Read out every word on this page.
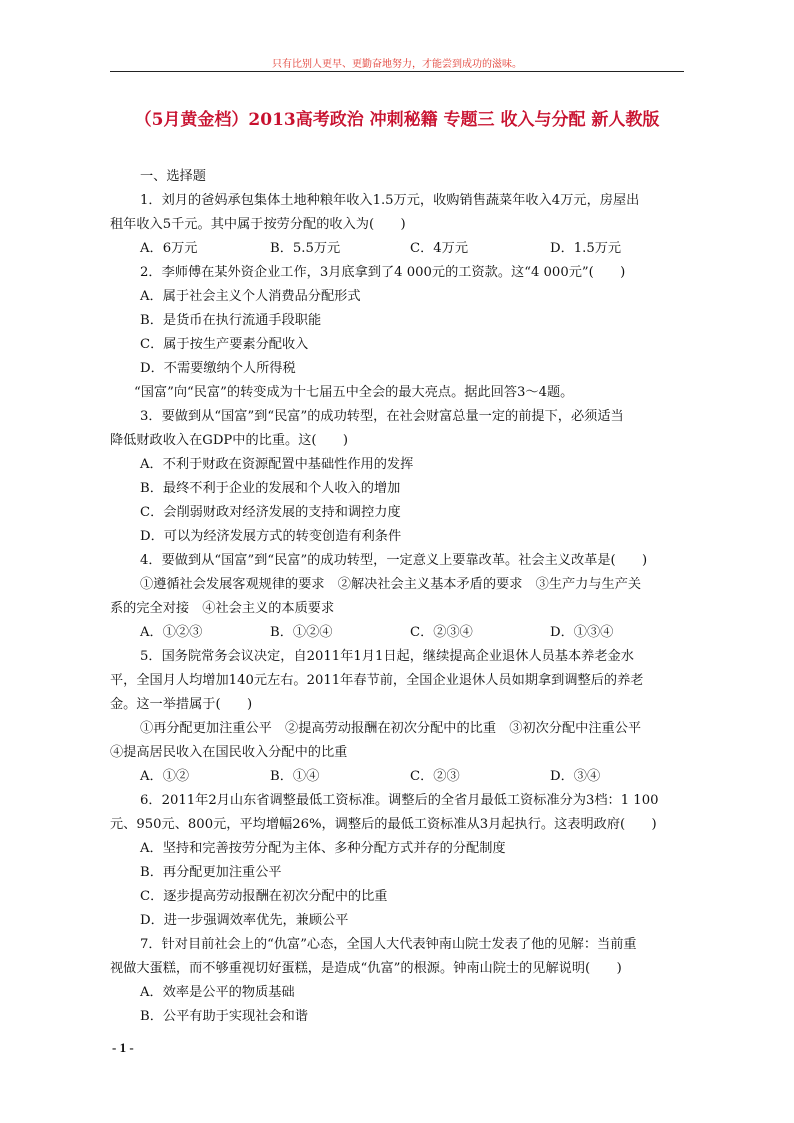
只有比别人更早、更勤奋地努力，才能尝到成功的滋味。
（5月黄金档）2013高考政治 冲刺秘籍 专题三 收入与分配 新人教版
一、选择题
1．刘月的爸妈承包集体土地种粮年收入1.5万元，收购销售蔬菜年收入4万元，房屋出
租年收入5千元。其中属于按劳分配的收入为(　　)
A．6万元	B．5.5万元	C．4万元	D．1.5万元
2．李师傅在某外资企业工作，3月底拿到了4 000元的工资款。这“4 000元”(　　)
A．属于社会主义个人消费品分配形式
B．是货币在执行流通手段职能
C．属于按生产要素分配收入
D．不需要缴纳个人所得税
“国富”向“民富”的转变成为十七届五中全会的最大亮点。据此回答3～4题。
3．要做到从“国富”到“民富”的成功转型，在社会财富总量一定的前提下，必须适当
降低财政收入在GDP中的比重。这(　　)
A．不利于财政在资源配置中基础性作用的发挥
B．最终不利于企业的发展和个人收入的增加
C．会削弱财政对经济发展的支持和调控力度
D．可以为经济发展方式的转变创造有利条件
4．要做到从“国富”到“民富”的成功转型，一定意义上要靠改革。社会主义改革是(　　)
①遵循社会发展客观规律的要求　②解决社会主义基本矛盾的要求　③生产力与生产关
系的完全对接　④社会主义的本质要求
A．①②③	B．①②④	C．②③④	D．①③④
5．国务院常务会议决定，自2011年1月1日起，继续提高企业退休人员基本养老金水
平，全国月人均增加140元左右。2011年春节前，全国企业退休人员如期拿到调整后的养老
金。这一举措属于(　　)
①再分配更加注重公平　②提高劳动报酬在初次分配中的比重　③初次分配中注重公平
④提高居民收入在国民收入分配中的比重
A．①②	B．①④	C．②③	D．③④
6．2011年2月山东省调整最低工资标准。调整后的全省月最低工资标准分为3档：1 100
元、950元、800元，平均增幅26%，调整后的最低工资标准从3月起执行。这表明政府(　　)
A．坚持和完善按劳分配为主体、多种分配方式并存的分配制度
B．再分配更加注重公平
C．逐步提高劳动报酬在初次分配中的比重
D．进一步强调效率优先，兼顾公平
7．针对目前社会上的“仇富”心态，全国人大代表钟南山院士发表了他的见解：当前重
视做大蛋糕，而不够重视切好蛋糕，是造成“仇富”的根源。钟南山院士的见解说明(　　)
A．效率是公平的物质基础
B．公平有助于实现社会和谐
- 1 -
